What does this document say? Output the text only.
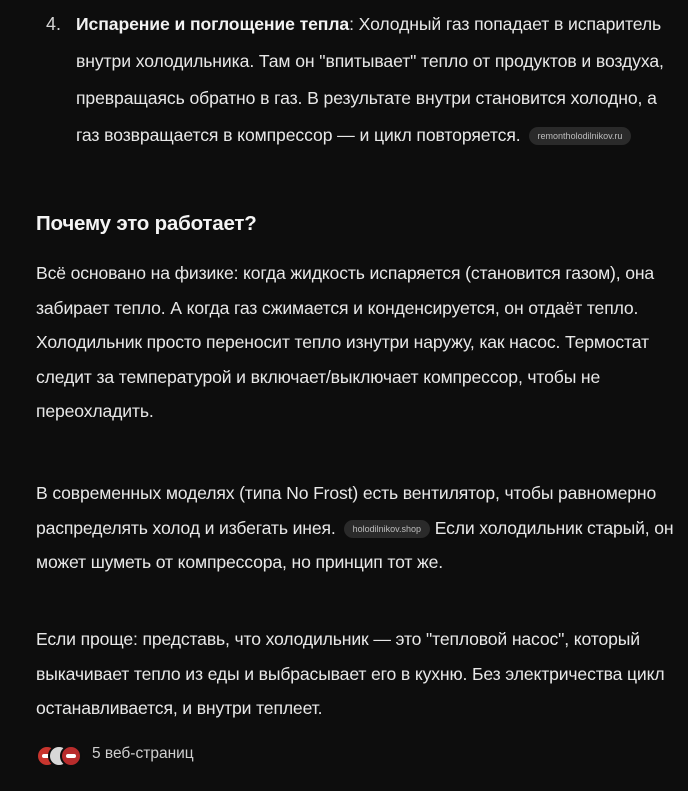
4. Испарение и поглощение тепла: Холодный газ попадает в испаритель внутри холодильника. Там он "впитывает" тепло от продуктов и воздуха, превращаясь обратно в газ. В результате внутри становится холодно, а газ возвращается в компрессор — и цикл повторяется. remontholodilnikov.ru
Почему это работает?

Всё основано на физике: когда жидкость испаряется (становится газом), она забирает тепло. А когда газ сжимается и конденсируется, он отдаёт тепло. Холодильник просто переносит тепло изнутри наружу, как насос. Термостат следит за температурой и включает/выключает компрессор, чтобы не переохладить.

В современных моделях (типа No Frost) есть вентилятор, чтобы равномерно распределять холод и избегать инея. holodilnikov.shop Если холодильник старый, он может шуметь от компрессора, но принцип тот же.

Если проще: представь, что холодильник — это "тепловой насос", который выкачивает тепло из еды и выбрасывает его в кухню. Без электричества цикл останавливается, и внутри теплеет.

5 веб-страниц
